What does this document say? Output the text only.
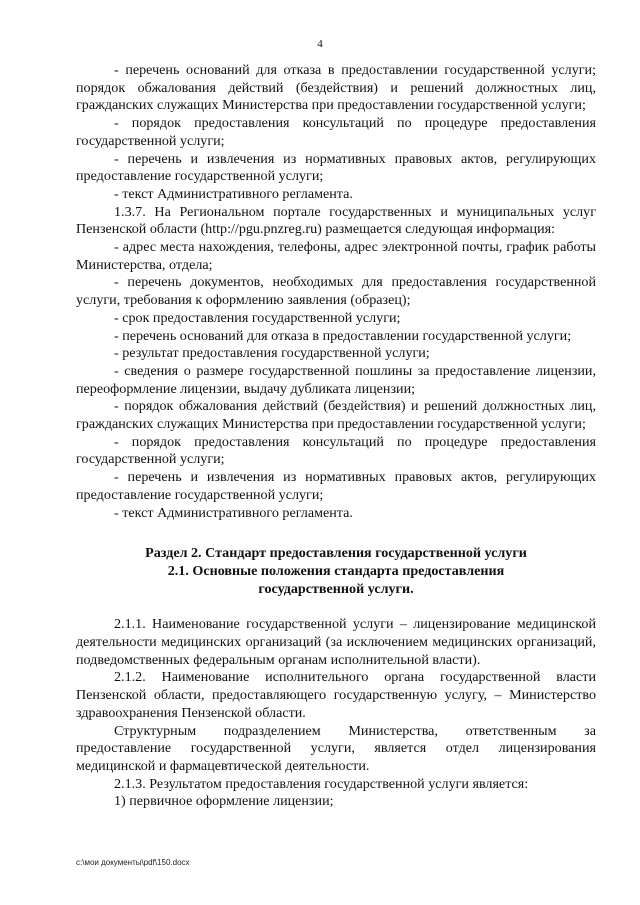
4

- перечень оснований для отказа в предоставлении государственной услуги; порядок обжалования действий (бездействия) и решений должностных лиц, гражданских служащих Министерства при предоставлении государственной услуги;

- порядок предоставления консультаций по процедуре предоставления государственной услуги;

- перечень и извлечения из нормативных правовых актов, регулирующих предоставление государственной услуги;

- текст Административного регламента.

1.3.7. На Региональном портале государственных и муниципальных услуг Пензенской области (http://pgu.pnzreg.ru) размещается следующая информация:

- адрес места нахождения, телефоны, адрес электронной почты, график работы Министерства, отдела;

- перечень документов, необходимых для предоставления государственной услуги, требования к оформлению заявления (образец);

- срок предоставления государственной услуги;

- перечень оснований для отказа в предоставлении государственной услуги;

- результат предоставления государственной услуги;

- сведения о размере государственной пошлины за предоставление лицензии, переоформление лицензии, выдачу дубликата лицензии;

- порядок обжалования действий (бездействия) и решений должностных лиц, гражданских служащих Министерства при предоставлении государственной услуги;

- порядок предоставления консультаций по процедуре предоставления государственной услуги;

- перечень и извлечения из нормативных правовых актов, регулирующих предоставление государственной услуги;

- текст Административного регламента.

Раздел 2. Стандарт предоставления государственной услуги

2.1. Основные положения стандарта предоставления

государственной услуги.

2.1.1. Наименование государственной услуги – лицензирование медицинской деятельности медицинских организаций (за исключением медицинских организаций, подведомственных федеральным органам исполнительной власти).

2.1.2. Наименование исполнительного органа государственной власти Пензенской области, предоставляющего государственную услугу, – Министерство здравоохранения Пензенской области.

Структурным подразделением Министерства, ответственным за предоставление государственной услуги, является отдел лицензирования медицинской и фармацевтической деятельности.

2.1.3. Результатом предоставления государственной услуги является:

1) первичное оформление лицензии;

c:\мои документы\pdf\150.docx
